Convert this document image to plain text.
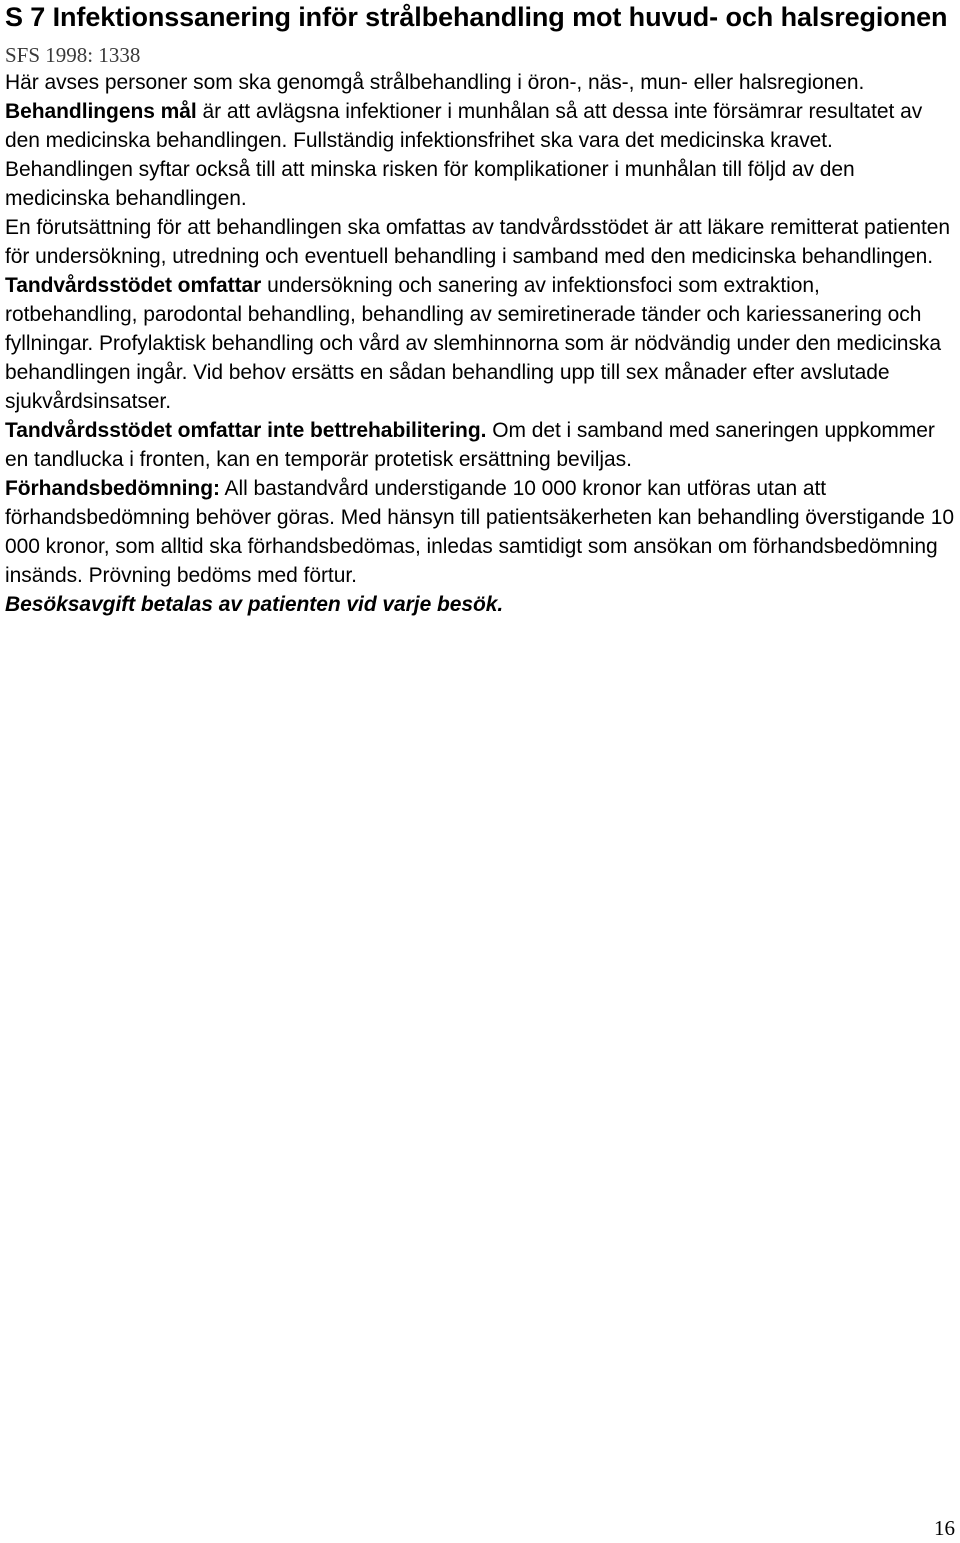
S 7 Infektionssanering inför strålbehandling mot huvud- och halsregionen
SFS 1998: 1338

Här avses personer som ska genomgå strålbehandling i öron-, näs-, mun- eller halsregionen.

Behandlingens mål är att avlägsna infektioner i munhålan så att dessa inte försämrar resultatet av den medicinska behandlingen. Fullständig infektionsfrihet ska vara det medicinska kravet. Behandlingen syftar också till att minska risken för komplikationer i munhålan till följd av den medicinska behandlingen.

En förutsättning för att behandlingen ska omfattas av tandvårdsstödet är att läkare remitterat patienten för undersökning, utredning och eventuell behandling i samband med den medicinska behandlingen.

Tandvårdsstödet omfattar undersökning och sanering av infektionsfoci som extraktion, rotbehandling, parodontal behandling, behandling av semiretinerade tänder och kariessanering och fyllningar. Profylaktisk behandling och vård av slemhinnorna som är nödvändig under den medicinska behandlingen ingår. Vid behov ersätts en sådan behandling upp till sex månader efter avslutade sjukvårdsinsatser.

Tandvårdsstödet omfattar inte bettrehabilitering. Om det i samband med saneringen uppkommer en tandlucka i fronten, kan en temporär protetisk ersättning beviljas.

Förhandsbedömning: All bastandvård understigande 10 000 kronor kan utföras utan att förhandsbedömning behöver göras. Med hänsyn till patientsäkerheten kan behandling överstigande 10 000 kronor, som alltid ska förhandsbedömas, inledas samtidigt som ansökan om förhandsbedömning insänds. Prövning bedöms med förtur.

Besöksavgift betalas av patienten vid varje besök.

16
